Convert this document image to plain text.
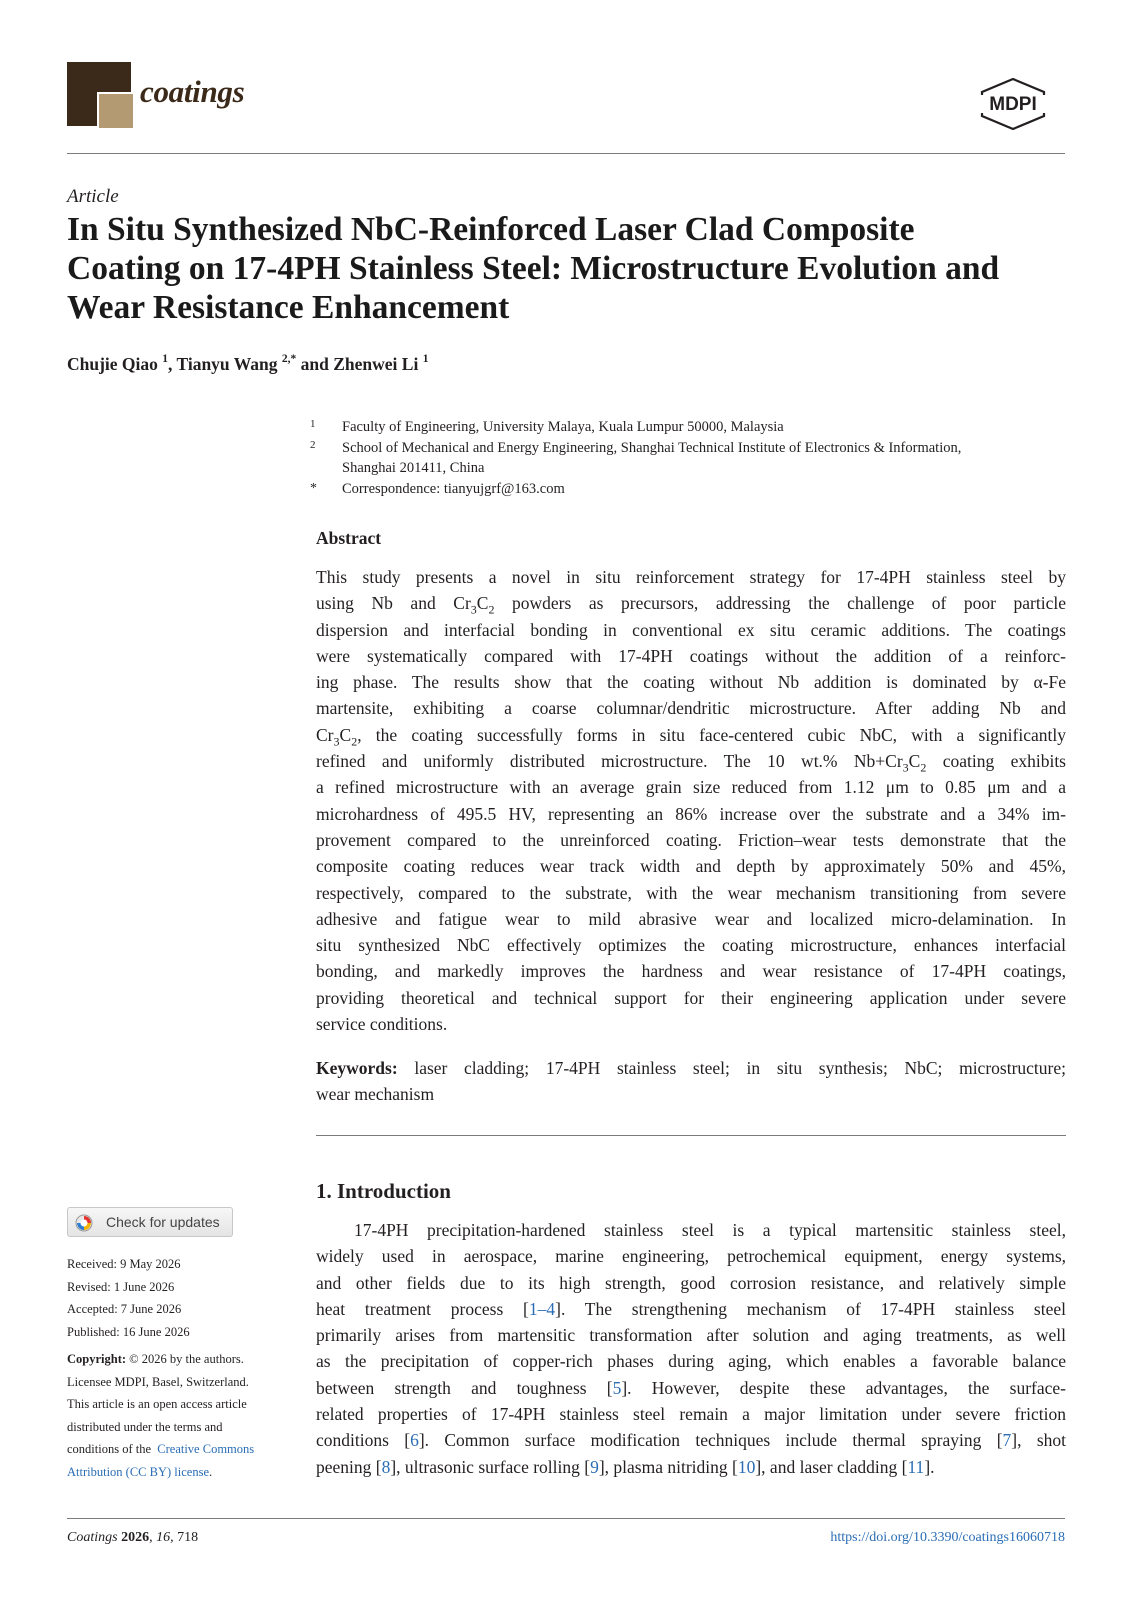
coatings	MDPI
Article
In Situ Synthesized NbC-Reinforced Laser Clad Composite
Coating on 17-4PH Stainless Steel: Microstructure Evolution and
Wear Resistance Enhancement
Chujie Qiao $^1$, Tianyu Wang $^{2,*}$ and Zhenwei Li $^1$
1 Faculty of Engineering, University Malaya, Kuala Lumpur 50000, Malaysia
2 School of Mechanical and Energy Engineering, Shanghai Technical Institute of Electronics & Information,
Shanghai 201411, China
* Correspondence: tianyujgrf@163.com
Abstract
This study presents a novel in situ reinforcement strategy for 17-4PH stainless steel by
using Nb and $Cr_3C_2$ powders as precursors, addressing the challenge of poor particle
dispersion and interfacial bonding in conventional ex situ ceramic additions. The coatings
were systematically compared with 17-4PH coatings without the addition of a reinforc-
ing phase. The results show that the coating without Nb addition is dominated by α-Fe
martensite, exhibiting a coarse columnar/dendritic microstructure. After adding Nb and
$Cr_3C_2$, the coating successfully forms in situ face-centered cubic NbC, with a significantly
refined and uniformly distributed microstructure. The 10 wt.% $Nb+Cr_3C_2$ coating exhibits
a refined microstructure with an average grain size reduced from 1.12 μm to 0.85 μm and a
microhardness of 495.5 HV, representing an 86% increase over the substrate and a 34% im-
provement compared to the unreinforced coating. Friction–wear tests demonstrate that the
composite coating reduces wear track width and depth by approximately 50% and 45%,
respectively, compared to the substrate, with the wear mechanism transitioning from severe
adhesive and fatigue wear to mild abrasive wear and localized micro-delamination. In
situ synthesized NbC effectively optimizes the coating microstructure, enhances interfacial
bonding, and markedly improves the hardness and wear resistance of 17-4PH coatings,
providing theoretical and technical support for their engineering application under severe
service conditions.
Keywords: laser cladding; 17-4PH stainless steel; in situ synthesis; NbC; microstructure;
wear mechanism
1. Introduction
17-4PH precipitation-hardened stainless steel is a typical martensitic stainless steel,
widely used in aerospace, marine engineering, petrochemical equipment, energy systems,
and other fields due to its high strength, good corrosion resistance, and relatively simple
heat treatment process [1–4]. The strengthening mechanism of 17-4PH stainless steel
primarily arises from martensitic transformation after solution and aging treatments, as well
as the precipitation of copper-rich phases during aging, which enables a favorable balance
between strength and toughness [5]. However, despite these advantages, the surface-
related properties of 17-4PH stainless steel remain a major limitation under severe friction
conditions [6]. Common surface modification techniques include thermal spraying [7], shot
peening [8], ultrasonic surface rolling [9], plasma nitriding [10], and laser cladding [11].
Check for updates
Received: 9 May 2026
Revised: 1 June 2026
Accepted: 7 June 2026
Published: 16 June 2026
Copyright: © 2026 by the authors.
Licensee MDPI, Basel, Switzerland.
This article is an open access article
distributed under the terms and
conditions of the  Creative Commons
Attribution (CC BY) license.
Coatings 2026, 16, 718	https://doi.org/10.3390/coatings16060718
